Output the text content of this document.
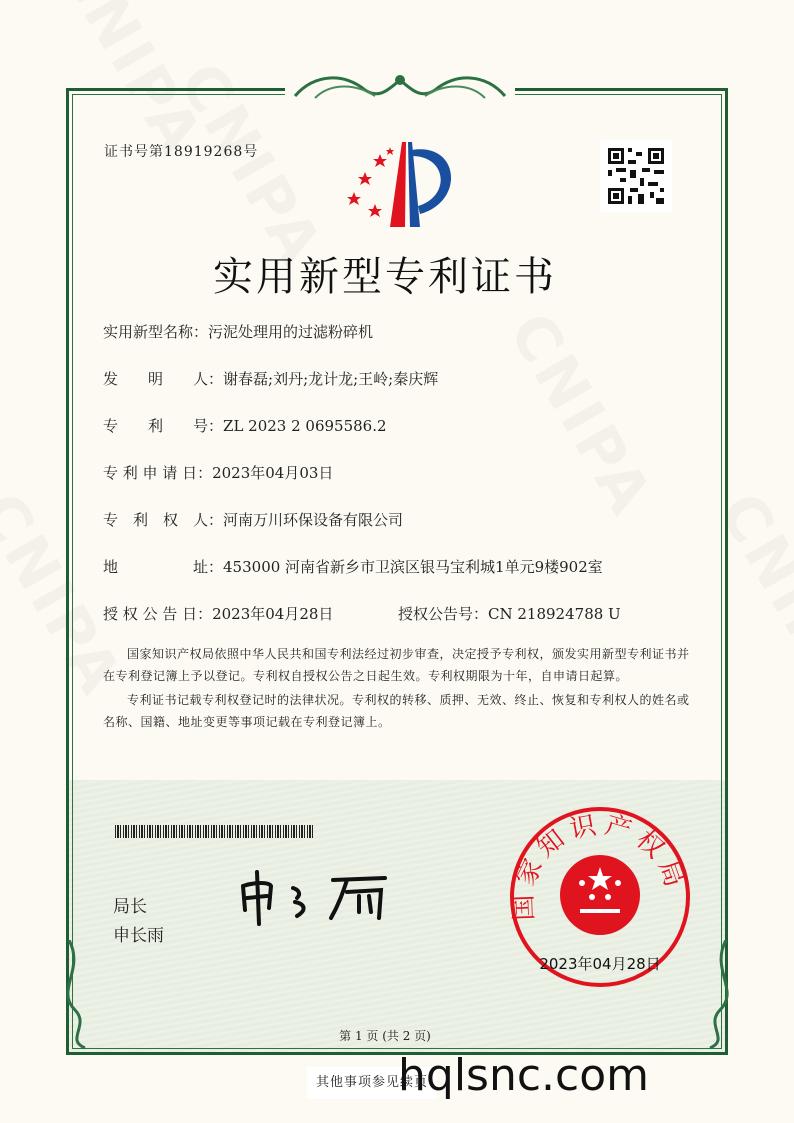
证书号第18919268号
实用新型专利证书
实用新型名称：污泥处理用的过滤粉碎机
发　　明　　人：谢春磊;刘丹;龙计龙;王岭;秦庆辉
专　　利　　号：ZL 2023 2 0695586.2
专 利 申 请 日：2023年04月03日
专　利　权　人：河南万川环保设备有限公司
地　　　　　址：453000 河南省新乡市卫滨区银马宝利城1单元9楼902室
授 权 公 告 日：2023年04月28日	授权公告号：CN 218924788 U

国家知识产权局依照中华人民共和国专利法经过初步审查，决定授予专利权，颁发实用新型专利证书并在专利登记簿上予以登记。专利权自授权公告之日起生效。专利权期限为十年，自申请日起算。

专利证书记载专利权登记时的法律状况。专利权的转移、质押、无效、终止、恢复和专利权人的姓名或名称、国籍、地址变更等事项记载在专利登记簿上。

局长
申长雨
国家知识产权局
2023年04月28日
第 1 页 (共 2 页)
其他事项参见续页
hqlsnc.com
